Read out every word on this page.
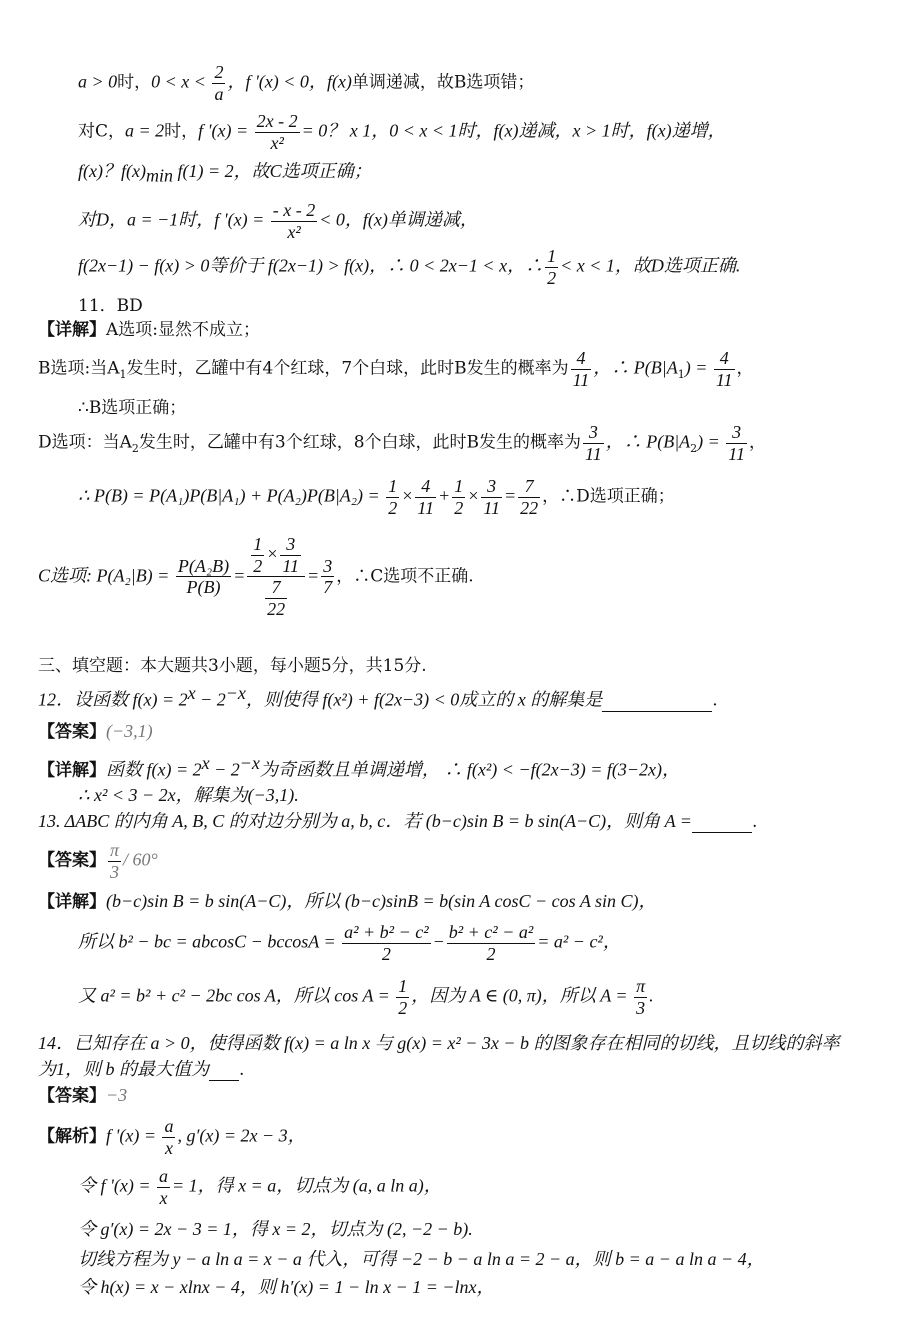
a > 0时，$0 < x < \frac{2}{a}$ ，f '(x) < 0，f(x)单调递减，故B选项错；
对C，a = 2时，f '$(x) = \frac{2x - 2}{\text{x²}} = 0$？ x 1，0 < x < 1时，f(x)递减，x > 1时，f(x)递增，
f(x)？$f(x)_{min}$ f(1) = 2，故C选项正确；
对D，a = −1时，f '$(x) = \frac{- x - 2}{\text{x²}} < 0$，f(x)单调递减，
f(2x−1) − f(x) > 0等价于 f(2x−1) > f(x)，∴ 0 < 2x−1 < x，∴ $\frac{1}{2} < x < 1$，故D选项正确.
11．BD
【详解】A选项:显然不成立；
B选项:当$A_1$发生时，乙罐中有4个红球，7个白球，此时B发生的概率为 $\frac{4}{11}$ ，∴ $P(B|A_1) = \frac{4}{11}$ ，
∴B选项正确；
D选项：当$A_2$发生时，乙罐中有3个红球，8个白球，此时B发生的概率为 $\frac{3}{11}$ ，∴ $P(B|A_2) = \frac{3}{11}$ ，
∴ $P(B) = P(A_1)P(B|A_1) + P(A_2)P(B|A_2) = \frac{1}{2} \times \frac{4}{11} + \frac{1}{2} \times \frac{3}{11} = \frac{7}{22}$ ，∴D选项正确；
C选项: $P(A_2|B) = \frac{\text{P(A₂B)}}{P(B)} = \frac{\frac{1}{2} \times \frac{3}{11}}{\frac{7}{22}} = \frac{3}{7}$ ，∴C选项不正确.
三、填空题：本大题共3小题，每小题5分，共15分.
12．设函数 $f(x) = 2^x - 2^{-x}$，则使得 f(x²) + f(2x−3) < 0成立的 x 的解集是	.
【答案】(−3,1)
【详解】函数 $f(x) = 2^x - 2^{-x}$为奇函数且单调递增， ∴ f(x²) < −f(2x−3) = f(3−2x)，
∴ x² < 3 − 2x，解集为(−3,1).
13. ΔABC 的内角 A, B, C 的对边分别为 a, b, c．若 (b−c)sin B = b sin(A−C)，则角 A =	.
【答案】 $\frac{\pi}{3} / 60^\circ$
【详解】(b−c)sin B = b sin(A−C)，所以 (b−c)sinB = b(sin A cosC − cos A sin C)，
所以 b² − bc = $abcosC - bccosA = \frac{\text{a² + b² − c²}}{2} - \frac{\text{b² + c² − a²}}{2} = a^2 - c^2$，
又 a² = b² + c² − 2bc cos A，所以 $\cos A = \frac{1}{2}$ ，因为 A ∈ (0, π)，所以 $A = \frac{\pi}{3}$ .
14．已知存在 a > 0，使得函数 f(x) = a ln x 与 g(x) = x² − 3x − b 的图象存在相同的切线，且切线的斜率
为1，则 b 的最大值为 .
【答案】−3
【解析】f '$(x) = \frac{a}{x}$ , g′(x) = 2x − 3，
令 f '$(x) = \frac{a}{x} = 1$，得 x = a，切点为 (a, a ln a)，
令 g′(x) = 2x − 3 = 1，得 x = 2，切点为 (2, −2 − b).
切线方程为 y − a ln a = x − a 代入，可得 −2 − b − a ln a = 2 − a，则 b = a − a ln a − 4，
令 h(x) = x − xlnx − 4，则 h′(x) = 1 − ln x − 1 = −lnx，
